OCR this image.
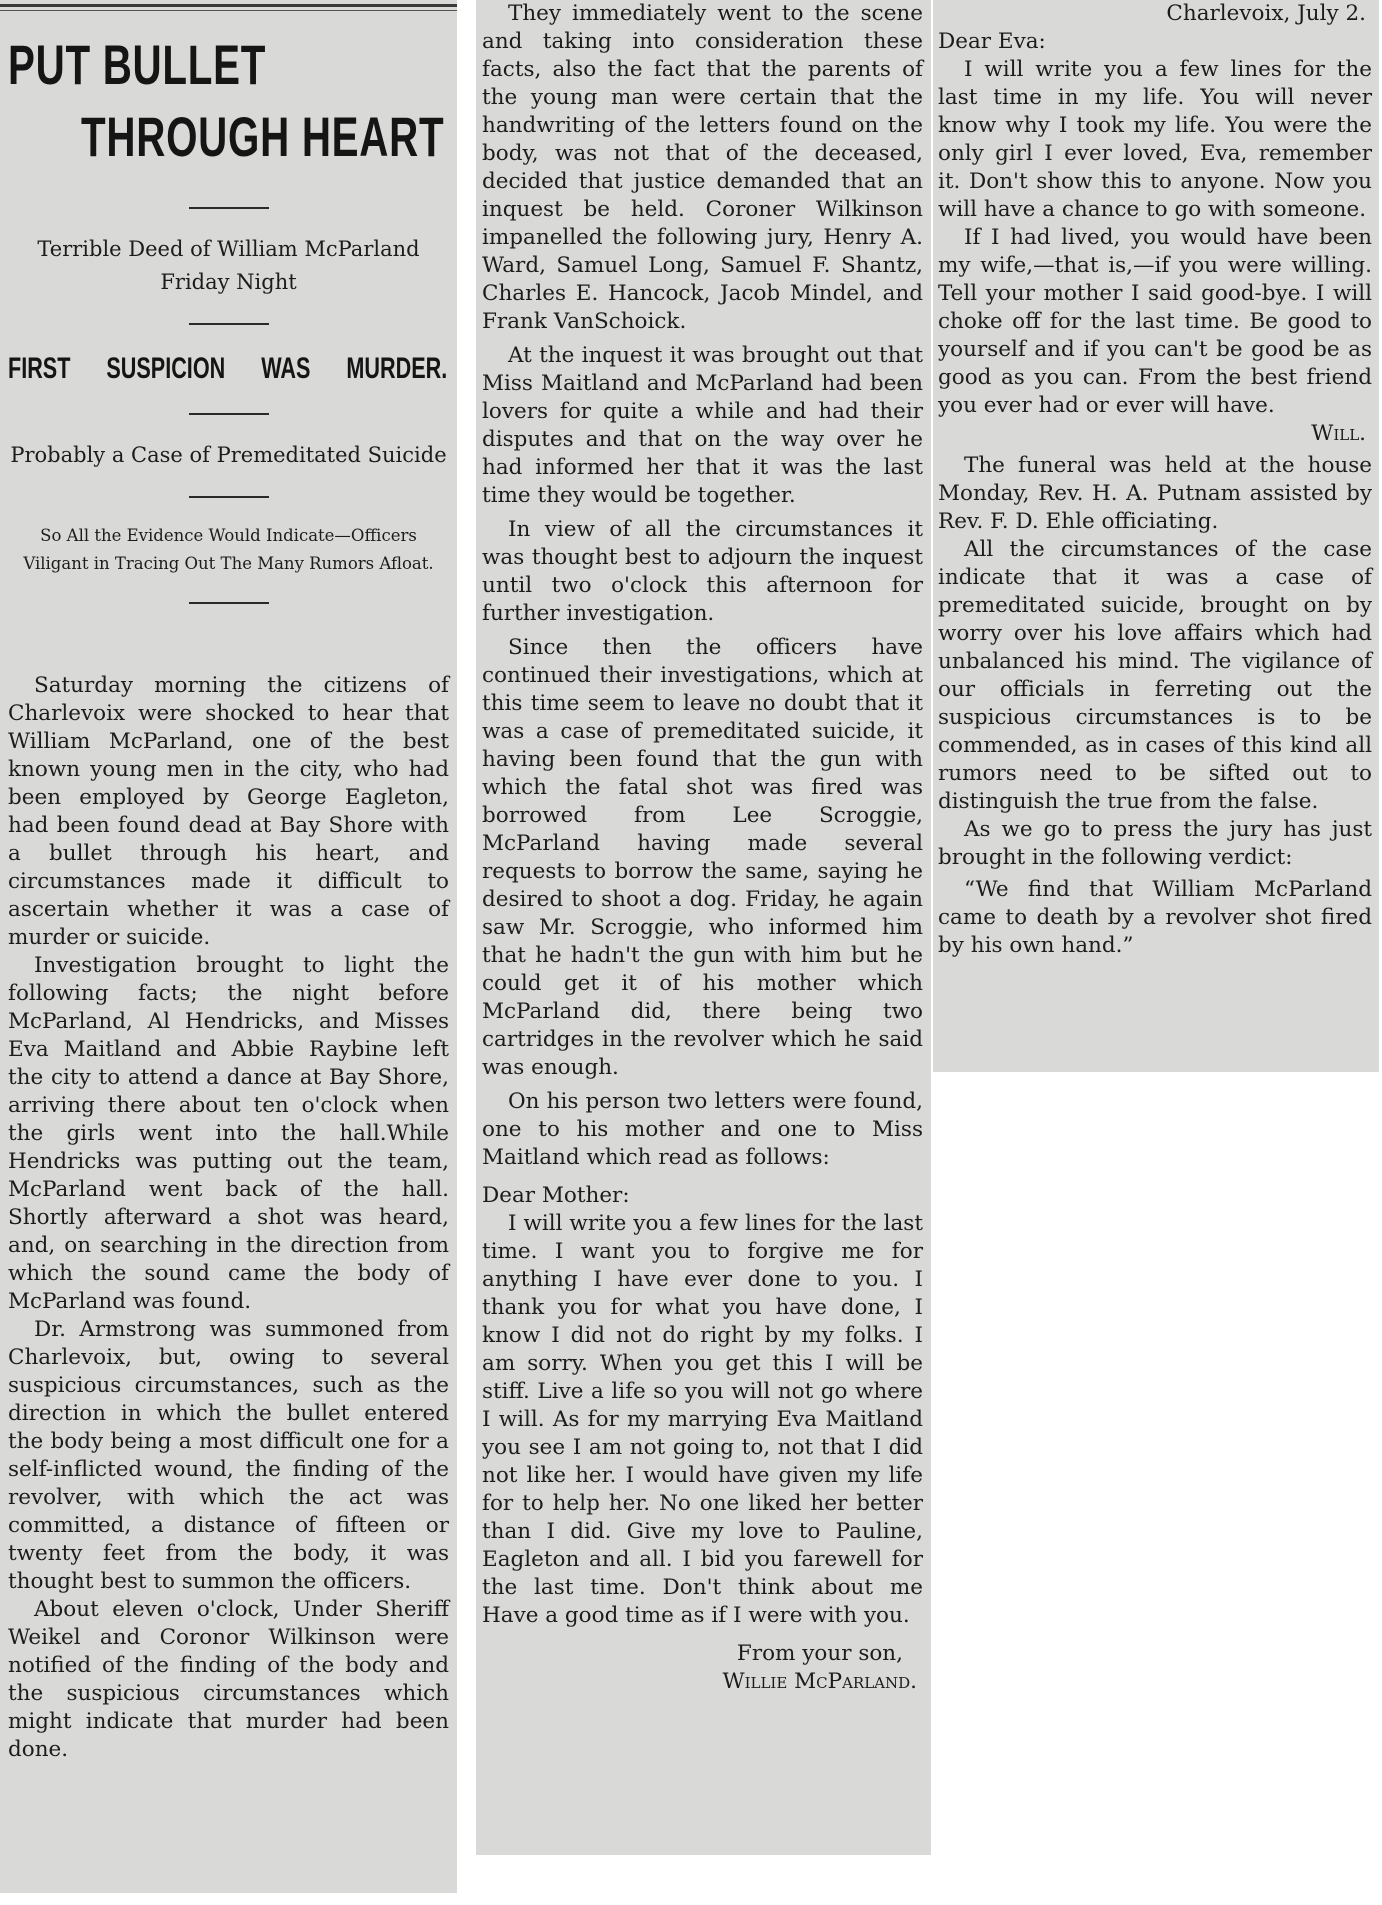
PUT BULLET
THROUGH HEART
Terrible Deed of William McParland Friday Night
FIRST SUSPICION WAS MURDER.
Probably a Case of Premeditated Suicide
So All the Evidence Would Indicate—Officers Viligant in Tracing Out The Many Rumors Afloat.

Saturday morning the citizens of Charlevoix were shocked to hear that William McParland, one of the best known young men in the city, who had been employed by George Eagleton, had been found dead at Bay Shore with a bullet through his heart, and circumstances made it difficult to ascertain whether it was a case of murder or suicide.

Investigation brought to light the following facts; the night before McParland, Al Hendricks, and Misses Eva Maitland and Abbie Raybine left the city to attend a dance at Bay Shore, arriving there about ten o'clock when the girls went into the hall.While Hendricks was putting out the team, McParland went back of the hall. Shortly afterward a shot was heard, and, on searching in the direction from which the sound came the body of McParland was found.

Dr. Armstrong was summoned from Charlevoix, but, owing to several suspicious circumstances, such as the direction in which the bullet entered the body being a most difficult one for a self-inflicted wound, the finding of the revolver, with which the act was committed, a distance of fifteen or twenty feet from the body, it was thought best to summon the officers.

About eleven o'clock, Under Sheriff Weikel and Coronor Wilkinson were notified of the finding of the body and the suspicious circumstances which might indicate that murder had been done.

They immediately went to the scene and taking into consideration these facts, also the fact that the parents of the young man were certain that the handwriting of the letters found on the body, was not that of the deceased, decided that justice demanded that an inquest be held. Coroner Wilkinson impanelled the following jury, Henry A. Ward, Samuel Long, Samuel F. Shantz, Charles E. Hancock, Jacob Mindel, and Frank VanSchoick.

At the inquest it was brought out that Miss Maitland and McParland had been lovers for quite a while and had their disputes and that on the way over he had informed her that it was the last time they would be together.

In view of all the circumstances it was thought best to adjourn the inquest until two o'clock this afternoon for further investigation.

Since then the officers have continued their investigations, which at this time seem to leave no doubt that it was a case of premeditated suicide, it having been found that the gun with which the fatal shot was fired was borrowed from Lee Scroggie, McParland having made several requests to borrow the same, saying he desired to shoot a dog. Friday, he again saw Mr. Scroggie, who informed him that he hadn't the gun with him but he could get it of his mother which McParland did, there being two cartridges in the revolver which he said was enough.

On his person two letters were found, one to his mother and one to Miss Maitland which read as follows:

Dear Mother:

I will write you a few lines for the last time. I want you to forgive me for anything I have ever done to you. I thank you for what you have done, I know I did not do right by my folks. I am sorry. When you get this I will be stiff. Live a life so you will not go where I will. As for my marrying Eva Maitland you see I am not going to, not that I did not like her. I would have given my life for to help her. No one liked her better than I did. Give my love to Pauline, Eagleton and all. I bid you farewell for the last time. Don't think about me Have a good time as if I were with you.

From your son,

Willie McParland.

Charlevoix, July 2.

Dear Eva:

I will write you a few lines for the last time in my life. You will never know why I took my life. You were the only girl I ever loved, Eva, remember it. Don't show this to anyone. Now you will have a chance to go with someone.

If I had lived, you would have been my wife,—that is,—if you were willing. Tell your mother I said good-bye. I will choke off for the last time. Be good to yourself and if you can't be good be as good as you can. From the best friend you ever had or ever will have.

Will.

The funeral was held at the house Monday, Rev. H. A. Putnam assisted by Rev. F. D. Ehle officiating.

All the circumstances of the case indicate that it was a case of premeditated suicide, brought on by worry over his love affairs which had unbalanced his mind. The vigilance of our officials in ferreting out the suspicious circumstances is to be commended, as in cases of this kind all rumors need to be sifted out to distinguish the true from the false.

As we go to press the jury has just brought in the following verdict:

“We find that William McParland came to death by a revolver shot fired by his own hand.”
